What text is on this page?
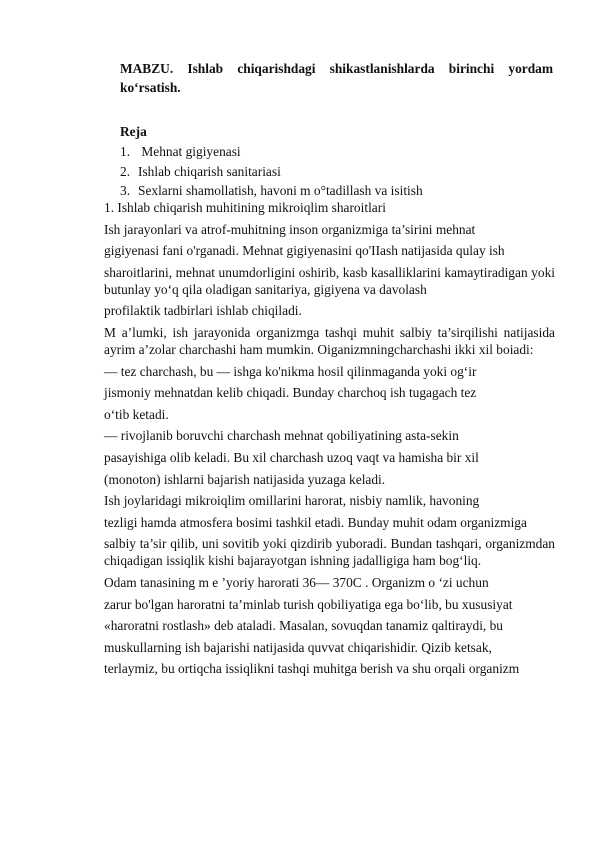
MABZU. Ishlab chiqarishdagi shikastlanishlarda birinchi yordam
ko‘rsatish.
Reja
1. Mehnat gigiyenasi
2. Ishlab chiqarish sanitariasi
3. Sexlarni shamollatish, havoni m o°tadillash va isitish
1. Ishlab chiqarish muhitining mikroiqlim sharoitlari
Ish jarayonlari va atrof-muhitning inson organizmiga ta’sirini mehnat
gigiyenasi fani o'rganadi. Mehnat gigiyenasini qo'IIash natijasida qulay ish
sharoitlarini, mehnat unumdorligini oshirib, kasb kasalliklarini kamaytiradigan yoki butunlay yo‘q qila oladigan sanitariya, gigiyena va davolash
profilaktik tadbirlari ishlab chiqiladi.
M a’lumki, ish jarayonida organizmga tashqi muhit salbiy ta’sirqilishi natijasida ayrim a’zolar charchashi ham mumkin. Oiganizmningcharchashi ikki xil boiadi:
— tez charchash, bu — ishga ko'nikma hosil qilinmaganda yoki og‘ir
jismoniy mehnatdan kelib chiqadi. Bunday charchoq ish tugagach tez
o‘tib ketadi.
— rivojlanib boruvchi charchash mehnat qobiliyatining asta-sekin
pasayishiga olib keladi. Bu xil charchash uzoq vaqt va hamisha bir xil
(monoton) ishlarni bajarish natijasida yuzaga keladi.
Ish joylaridagi mikroiqlim omillarini harorat, nisbiy namlik, havoning
tezligi hamda atmosfera bosimi tashkil etadi. Bunday muhit odam organizmiga
salbiy ta’sir qilib, uni sovitib yoki qizdirib yuboradi. Bundan tashqari, organizmdan chiqadigan issiqlik kishi bajarayotgan ishning jadalligiga ham bog‘liq.
Odam tanasining m e ’yoriy harorati 36— 370C . Organizm o ‘zi uchun
zarur bo'lgan haroratni ta’minlab turish qobiliyatiga ega bo‘lib, bu xususiyat
«haroratni rostlash» deb ataladi. Masalan, sovuqdan tanamiz qaltiraydi, bu
muskullarning ish bajarishi natijasida quvvat chiqarishidir. Qizib ketsak,
terlaymiz, bu ortiqcha issiqlikni tashqi muhitga berish va shu orqali organizm
